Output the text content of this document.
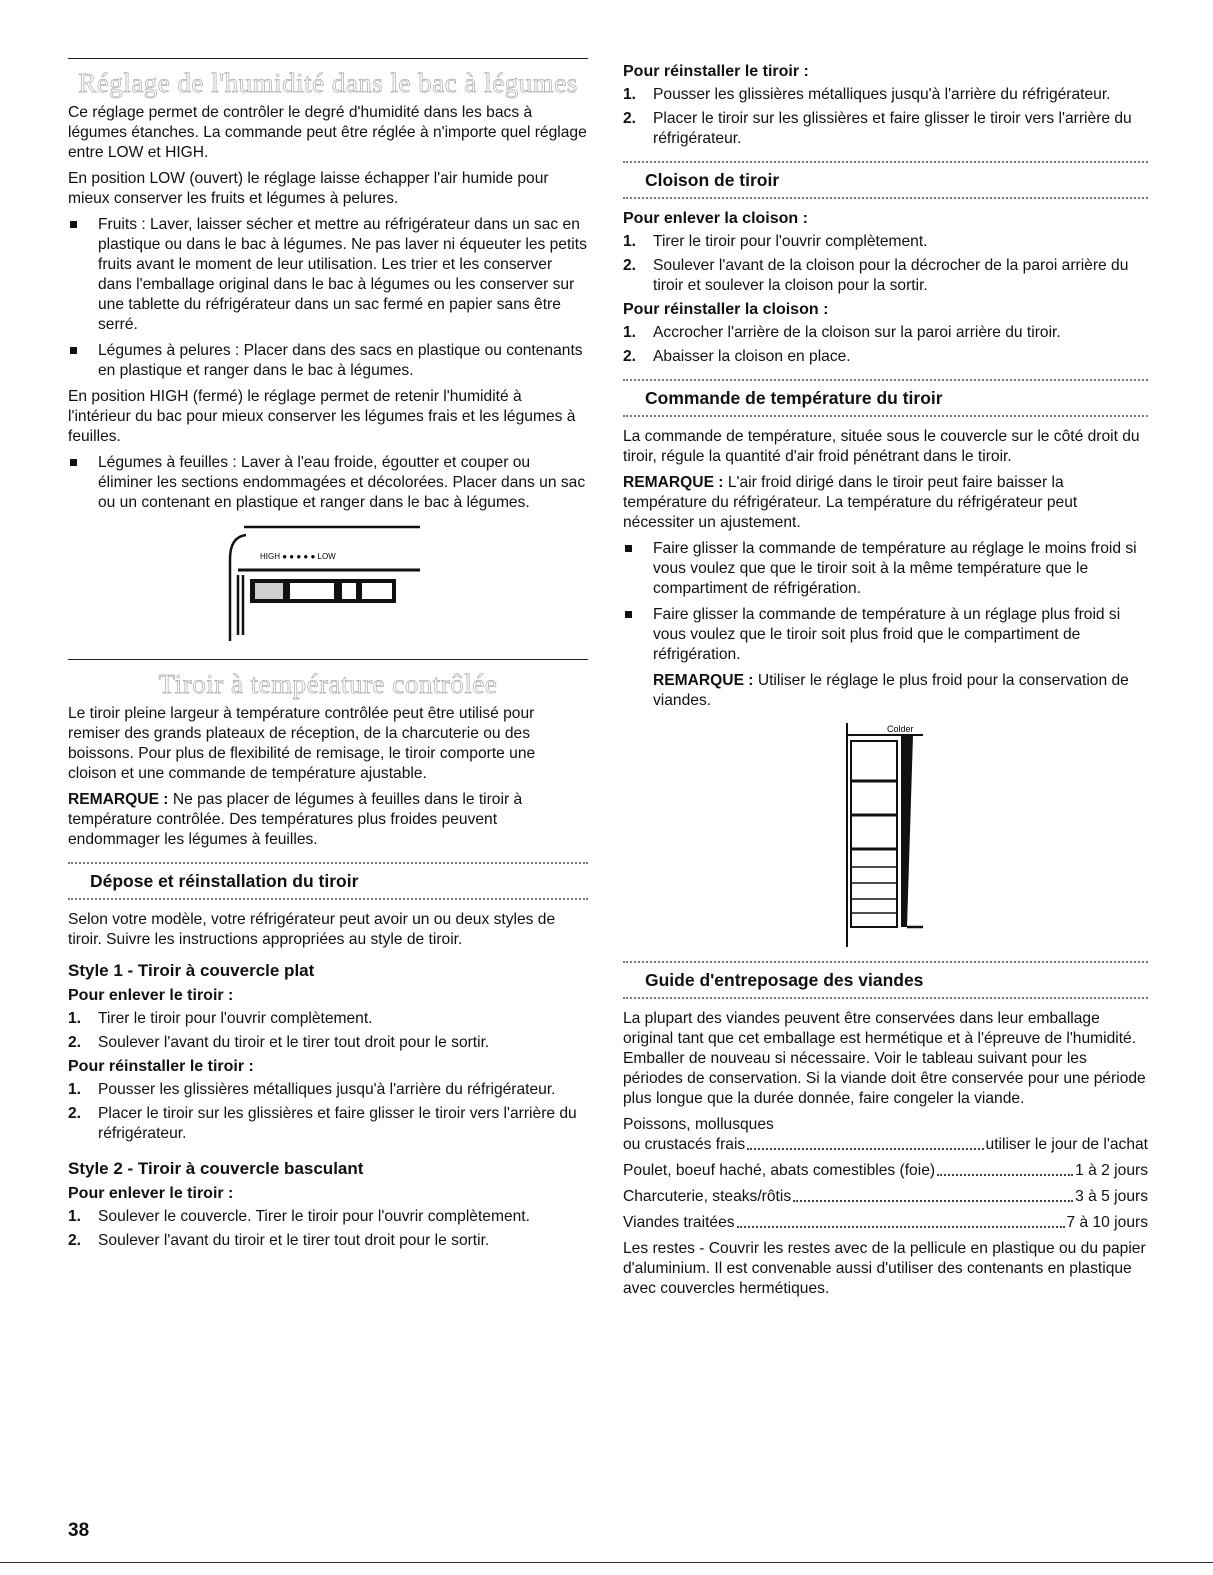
Réglage de l'humidité dans le bac à légumes

Ce réglage permet de contrôler le degré d'humidité dans les bacs à légumes étanches. La commande peut être réglée à n'importe quel réglage entre LOW et HIGH.

En position LOW (ouvert) le réglage laisse échapper l'air humide pour mieux conserver les fruits et légumes à pelures.

Fruits : Laver, laisser sécher et mettre au réfrigérateur dans un sac en plastique ou dans le bac à légumes. Ne pas laver ni équeuter les petits fruits avant le moment de leur utilisation. Les trier et les conserver dans l'emballage original dans le bac à légumes ou les conserver sur une tablette du réfrigérateur dans un sac fermé en papier sans être serré.
Légumes à pelures : Placer dans des sacs en plastique ou contenants en plastique et ranger dans le bac à légumes.

En position HIGH (fermé) le réglage permet de retenir l'humidité à l'intérieur du bac pour mieux conserver les légumes frais et les légumes à feuilles.

Légumes à feuilles : Laver à l'eau froide, égoutter et couper ou éliminer les sections endommagées et décolorées. Placer dans un sac ou un contenant en plastique et ranger dans le bac à légumes.
HIGH ● ● ● ● ● LOW
Tiroir à température contrôlée

Le tiroir pleine largeur à température contrôlée peut être utilisé pour remiser des grands plateaux de réception, de la charcuterie ou des boissons. Pour plus de flexibilité de remisage, le tiroir comporte une cloison et une commande de température ajustable.

REMARQUE : Ne pas placer de légumes à feuilles dans le tiroir à température contrôlée. Des températures plus froides peuvent endommager les légumes à feuilles.

Dépose et réinstallation du tiroir

Selon votre modèle, votre réfrigérateur peut avoir un ou deux styles de tiroir. Suivre les instructions appropriées au style de tiroir.

Style 1 - Tiroir à couvercle plat
Pour enlever le tiroir :
1. Tirer le tiroir pour l'ouvrir complètement.
2. Soulever l'avant du tiroir et le tirer tout droit pour le sortir.
Pour réinstaller le tiroir :
1. Pousser les glissières métalliques jusqu'à l'arrière du réfrigérateur.
2. Placer le tiroir sur les glissières et faire glisser le tiroir vers l'arrière du réfrigérateur.
Style 2 - Tiroir à couvercle basculant
Pour enlever le tiroir :
1. Soulever le couvercle. Tirer le tiroir pour l'ouvrir complètement.
2. Soulever l'avant du tiroir et le tirer tout droit pour le sortir.
Pour réinstaller le tiroir :
1. Pousser les glissières métalliques jusqu'à l'arrière du réfrigérateur.
2. Placer le tiroir sur les glissières et faire glisser le tiroir vers l'arrière du réfrigérateur.
Cloison de tiroir
Pour enlever la cloison :
1. Tirer le tiroir pour l'ouvrir complètement.
2. Soulever l'avant de la cloison pour la décrocher de la paroi arrière du tiroir et soulever la cloison pour la sortir.
Pour réinstaller la cloison :
1. Accrocher l'arrière de la cloison sur la paroi arrière du tiroir.
2. Abaisser la cloison en place.
Commande de température du tiroir

La commande de température, située sous le couvercle sur le côté droit du tiroir, régule la quantité d'air froid pénétrant dans le tiroir.

REMARQUE : L'air froid dirigé dans le tiroir peut faire baisser la température du réfrigérateur. La température du réfrigérateur peut nécessiter un ajustement.

Faire glisser la commande de température au réglage le moins froid si vous voulez que que le tiroir soit à la même température que le compartiment de réfrigération.
Faire glisser la commande de température à un réglage plus froid si vous voulez que le tiroir soit plus froid que le compartiment de réfrigération.

REMARQUE : Utiliser le réglage le plus froid pour la conservation de viandes.

Colder
Guide d'entreposage des viandes

La plupart des viandes peuvent être conservées dans leur emballage original tant que cet emballage est hermétique et à l'épreuve de l'humidité. Emballer de nouveau si nécessaire. Voir le tableau suivant pour les périodes de conservation. Si la viande doit être conservée pour une période plus longue que la durée donnée, faire congeler la viande.

Poissons, mollusques

ou crustacés frais	utiliser le jour de l'achat
Poulet, boeuf haché, abats comestibles (foie)	1 à 2 jours
Charcuterie, steaks/rôtis	3 à 5 jours
Viandes traitées	7 à 10 jours

Les restes - Couvrir les restes avec de la pellicule en plastique ou du papier d'aluminium. Il est convenable aussi d'utiliser des contenants en plastique avec couvercles hermétiques.

38
